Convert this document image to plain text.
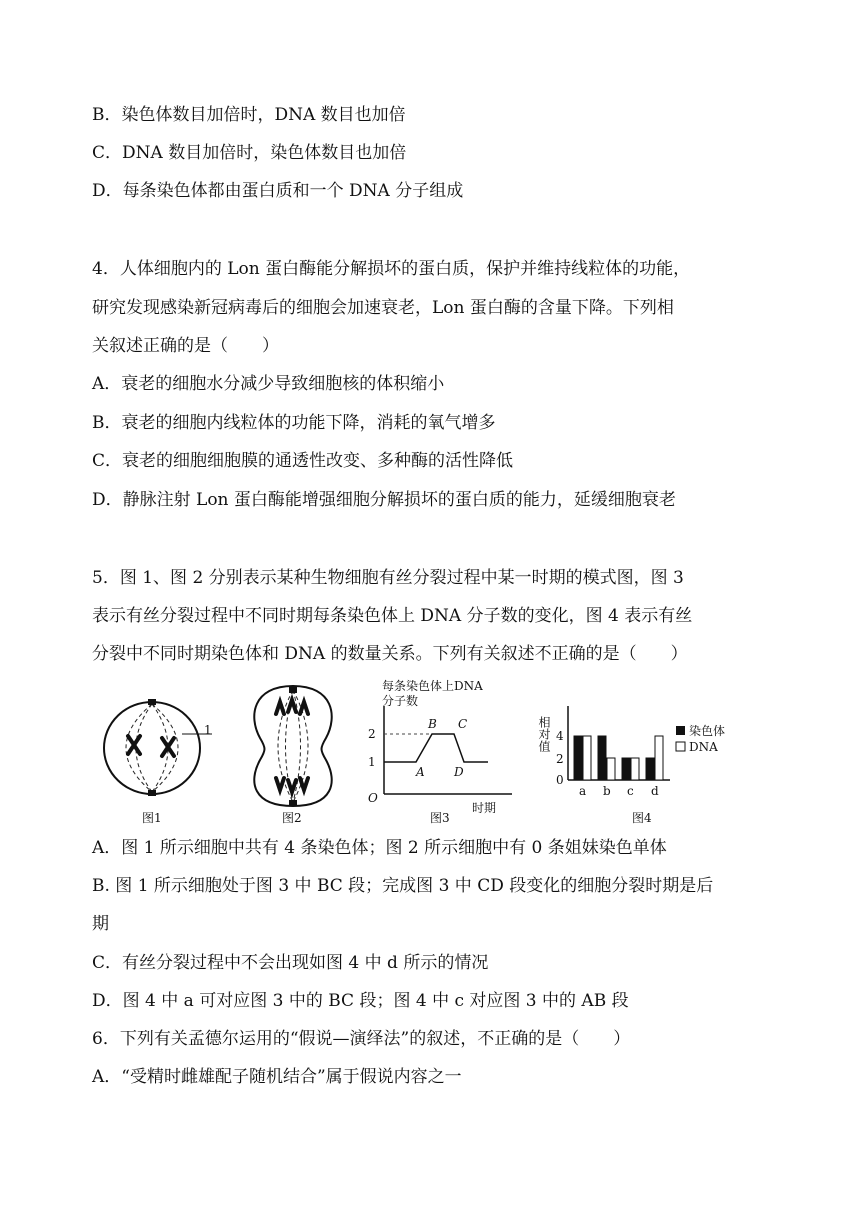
B．染色体数目加倍时，DNA 数目也加倍
C．DNA 数目加倍时，染色体数目也加倍
D．每条染色体都由蛋白质和一个 DNA 分子组成
4．人体细胞内的 Lon 蛋白酶能分解损坏的蛋白质，保护并维持线粒体的功能，
研究发现感染新冠病毒后的细胞会加速衰老，Lon 蛋白酶的含量下降。下列相
关叙述正确的是（　　）
A．衰老的细胞水分减少导致细胞核的体积缩小
B．衰老的细胞内线粒体的功能下降，消耗的氧气增多
C．衰老的细胞细胞膜的通透性改变、多种酶的活性降低
D．静脉注射 Lon 蛋白酶能增强细胞分解损坏的蛋白质的能力，延缓细胞衰老
5．图 1、图 2 分别表示某种生物细胞有丝分裂过程中某一时期的模式图，图 3
表示有丝分裂过程中不同时期每条染色体上 DNA 分子数的变化，图 4 表示有丝
分裂中不同时期染色体和 DNA 的数量关系。下列有关叙述不正确的是（　　）
A．图 1 所示细胞中共有 4 条染色体；图 2 所示细胞中有 0 条姐妹染色单体
B. 图 1 所示细胞处于图 3 中 BC 段；完成图 3 中 CD 段变化的细胞分裂时期是后
期
C．有丝分裂过程中不会出现如图 4 中 d 所示的情况
D．图 4 中 a 可对应图 3 中的 BC 段；图 4 中 c 对应图 3 中的 AB 段
6．下列有关孟德尔运用的“假说—演绎法”的叙述，不正确的是（　　）
A．“受精时雌雄配子随机结合”属于假说内容之一
1
图1	图2
每条染色体上DNA
分子数
O
时期
1
2
A
B C
D
图3
相对值
0
2
4
a b c d
染色体
DNA
图4
